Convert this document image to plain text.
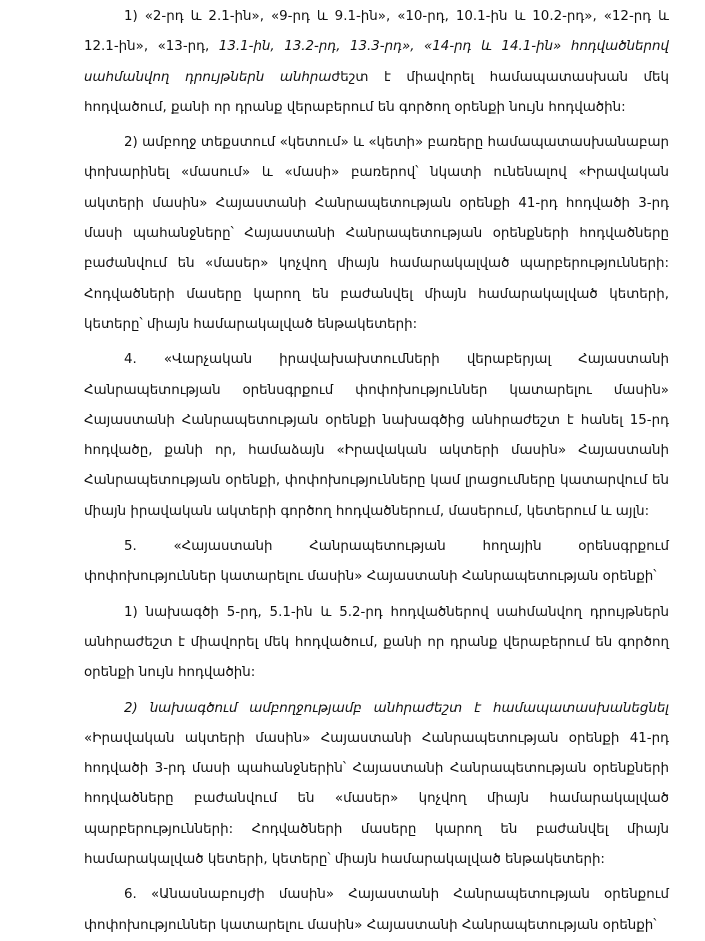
1) «2-րդ և 2.1-ին», «9-րդ և 9.1-ին», «10-րդ, 10.1-ին և 10.2-րդ», «12-րդ և 12.1-ին», «13-րդ, 13.1-ին, 13.2-րդ, 13.3-րդ», «14-րդ և 14.1-ին» հոդվածներով սահմանվող դրույթներն անհրաժեշտ է միավորել համապատասխան մեկ հոդվածում, քանի որ դրանք վերաբերում են գործող օրենքի նույն հոդվածին:

2) ամբողջ տեքստում «կետում» և «կետի» բառերը համապատասխանաբար փոխարինել «մասում» և «մասի» բառերով՝ նկատի ունենալով «Իրավական ակտերի մասին» Հայաստանի Հանրապետության օրենքի 41-րդ հոդվածի 3-րդ մասի պահանջները՝ Հայաստանի Հանրապետության օրենքների հոդվածները բաժանվում են «մասեր» կոչվող միայն համարակալված պարբերությունների: Հոդվածների մասերը կարող են բաժանվել միայն համարակալված կետերի, կետերը՝ միայն համարակալված ենթակետերի:

4. «Վարչական իրավախախտումների վերաբերյալ Հայաստանի Հանրապետության օրենսգրքում փոփոխություններ կատարելու մասին» Հայաստանի Հանրապետության օրենքի նախագծից անհրաժեշտ է հանել 15-րդ հոդվածը, քանի որ, համաձայն «Իրավական ակտերի մասին» Հայաստանի Հանրապետության օրենքի, փոփոխությունները կամ լրացումները կատարվում են միայն իրավական ակտերի գործող հոդվածներում, մասերում, կետերում և այլն:

5. «Հայաստանի Հանրապետության հողային օրենսգրքում փոփոխություններ կատարելու մասին» Հայաստանի Հանրապետության օրենքի՝

1) նախագծի 5-րդ, 5.1-ին և 5.2-րդ հոդվածներով սահմանվող դրույթներն անհրաժեշտ է միավորել մեկ հոդվածում, քանի որ դրանք վերաբերում են գործող օրենքի նույն հոդվածին:

2) նախագծում ամբողջությամբ անհրաժեշտ է համապատասխանեցնել «Իրավական ակտերի մասին» Հայաստանի Հանրապետության օրենքի 41-րդ հոդվածի 3-րդ մասի պահանջներին՝ Հայաստանի Հանրապետության օրենքների հոդվածները բաժանվում են «մասեր» կոչվող միայն համարակալված պարբերությունների: Հոդվածների մասերը կարող են բաժանվել միայն համարակալված կետերի, կետերը՝ միայն համարակալված ենթակետերի:

6. «Անասնաբույժի մասին» Հայաստանի Հանրապետության օրենքում փոփոխություններ կատարելու մասին» Հայաստանի Հանրապետության օրենքի՝
